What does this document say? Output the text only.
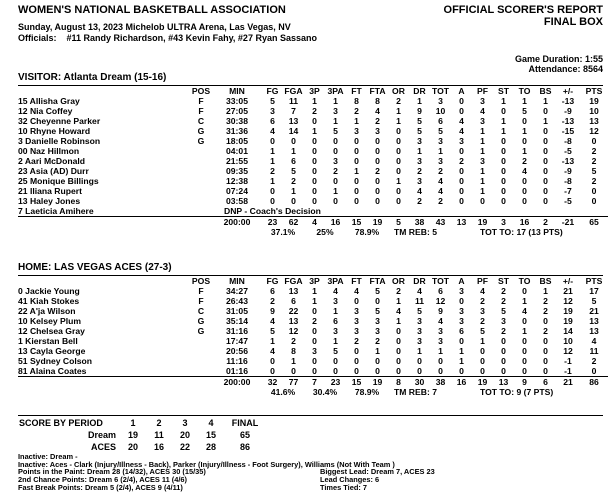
WOMEN'S NATIONAL BASKETBALL ASSOCIATION	OFFICIAL SCORER'S REPORT
FINAL BOX
Sunday, August 13, 2023 Michelob ULTRA Arena, Las Vegas, NV
Officials: #11 Randy Richardson, #43 Kevin Fahy, #27 Ryan Sassano
Game Duration: 1:55
Attendance: 8564
VISITOR: Atlanta Dream (15-16)
	POS	MIN	FG	FGA	3P	3PA	FT	FTA	OR	DR	TOT	A	PF	ST	TO	BS	+/-	PTS
15 Allisha Gray	F	33:05	5	11	1	1	8	8	2	1	3	0	3	1	1	1	-13	19
12 Nia Coffey	F	27:05	3	7	2	3	2	4	1	9	10	0	4	0	5	0	-9	10
32 Cheyenne Parker	C	30:38	6	13	0	1	1	2	1	5	6	4	3	1	0	1	-13	13
10 Rhyne Howard	G	31:36	4	14	1	5	3	3	0	5	5	4	1	1	1	0	-15	12
3 Danielle Robinson	G	18:05	0	0	0	0	0	0	0	3	3	3	1	0	0	0	-8	0
00 Naz Hillmon		04:01	1	1	0	0	0	0	0	1	1	0	1	0	1	0	-5	2
2 Aari McDonald		21:55	1	6	0	3	0	0	0	3	3	2	3	0	2	0	-13	2
23 Asia (AD) Durr		09:35	2	5	0	2	1	2	0	2	2	0	1	0	4	0	-9	5
25 Monique Billings		12:38	1	2	0	0	0	0	1	3	4	0	1	0	0	0	-8	2
21 Iliana Rupert		07:24	0	1	0	1	0	0	0	4	4	0	1	0	0	0	-7	0
13 Haley Jones		03:58	0	0	0	0	0	0	0	2	2	0	0	0	0	0	-5	0
7 Laeticia Amihere		DNP - Coach's Decision																
		200:00	23	62	4	16	15	19	5	38	43	13	19	3	16	2	-21	65
			37.1%		25%		78.9%		TM REB: 5				TOT TO: 17 (13 PTS)					
HOME: LAS VEGAS ACES (27-3)
	POS	MIN	FG	FGA	3P	3PA	FT	FTA	OR	DR	TOT	A	PF	ST	TO	BS	+/-	PTS
0 Jackie Young	F	34:27	6	13	1	4	4	5	2	4	6	3	4	2	0	1	21	17
41 Kiah Stokes	F	26:43	2	6	1	3	0	0	1	11	12	0	2	2	1	2	12	5
22 A'ja Wilson	C	31:05	9	22	0	1	3	5	4	5	9	3	3	5	4	2	19	21
10 Kelsey Plum	G	35:14	4	13	2	6	3	3	1	3	4	3	2	3	0	0	19	13
12 Chelsea Gray	G	31:16	5	12	0	3	3	3	0	3	3	6	5	2	1	2	14	13
1 Kierstan Bell		17:47	1	2	0	1	2	2	0	3	3	0	1	0	0	0	10	4
13 Cayla George		20:56	4	8	3	5	0	1	0	1	1	1	0	0	0	0	12	11
51 Sydney Colson		11:16	0	1	0	0	0	0	0	0	0	1	0	0	0	0	-1	2
81 Alaina Coates		01:16	0	0	0	0	0	0	0	0	0	0	0	0	0	0	-1	0
		200:00	32	77	7	23	15	19	8	30	38	16	19	13	9	6	21	86
			41.6%		30.4%		78.9%		TM REB: 7				TOT TO: 9 (7 PTS)					
SCORE BY PERIOD	1	2	3	4	FINAL
Dream	19	11	20	15	65
ACES	20	16	22	28	86
Inactive: Dream -
Inactive: Aces - Clark (Injury/Illness - Back), Parker (Injury/Illness - Foot Surgery), Williams (Not With Team )
Points in the Paint: Dream 28 (14/32), ACES 30 (15/35)	Biggest Lead: Dream 7, ACES 23
2nd Chance Points: Dream 6 (2/4), ACES 11 (4/6)	Lead Changes: 6
Fast Break Points: Dream 5 (2/4), ACES 9 (4/11)	Times Tied: 7
